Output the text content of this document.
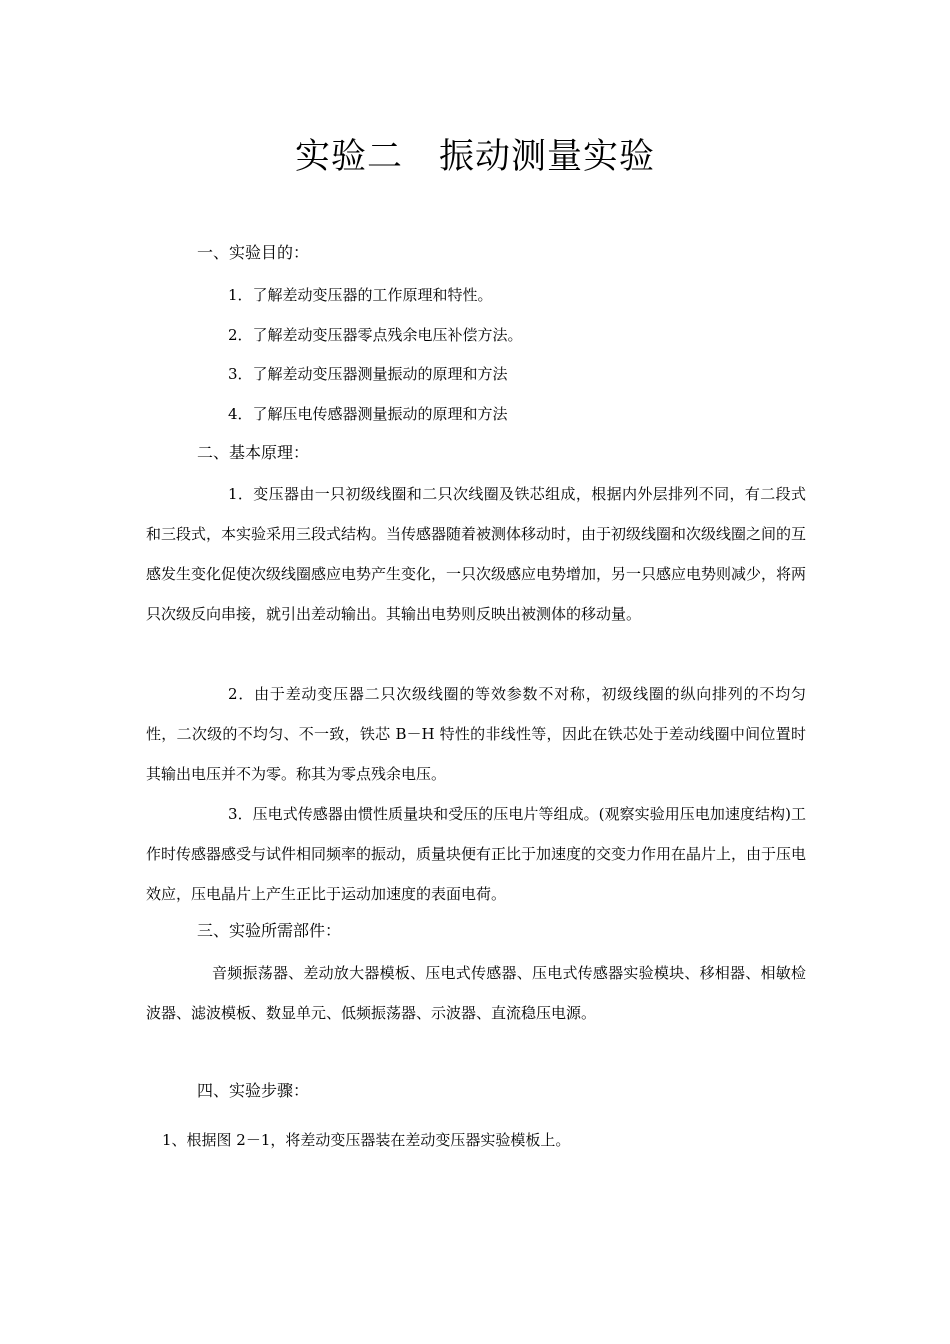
实验二　振动测量实验
一、实验目的：
1．了解差动变压器的工作原理和特性。
2．了解差动变压器零点残余电压补偿方法。
3．了解差动变压器测量振动的原理和方法
4．了解压电传感器测量振动的原理和方法
二、基本原理：

1．变压器由一只初级线圈和二只次线圈及铁芯组成，根据内外层排列不同，有二段式和三段式，本实验采用三段式结构。当传感器随着被测体移动时，由于初级线圈和次级线圈之间的互感发生变化促使次级线圈感应电势产生变化，一只次级感应电势增加，另一只感应电势则减少，将两只次级反向串接，就引出差动输出。其输出电势则反映出被测体的移动量。

2．由于差动变压器二只次级线圈的等效参数不对称，初级线圈的纵向排列的不均匀性，二次级的不均匀、不一致，铁芯 B－H 特性的非线性等，因此在铁芯处于差动线圈中间位置时其输出电压并不为零。称其为零点残余电压。

3．压电式传感器由惯性质量块和受压的压电片等组成。(观察实验用压电加速度结构)工作时传感器感受与试件相同频率的振动，质量块便有正比于加速度的交变力作用在晶片上，由于压电效应，压电晶片上产生正比于运动加速度的表面电荷。

三、实验所需部件：

音频振荡器、差动放大器模板、压电式传感器、压电式传感器实验模块、移相器、相敏检波器、滤波模板、数显单元、低频振荡器、示波器、直流稳压电源。

四、实验步骤：
1、根据图 2－1，将差动变压器装在差动变压器实验模板上。
